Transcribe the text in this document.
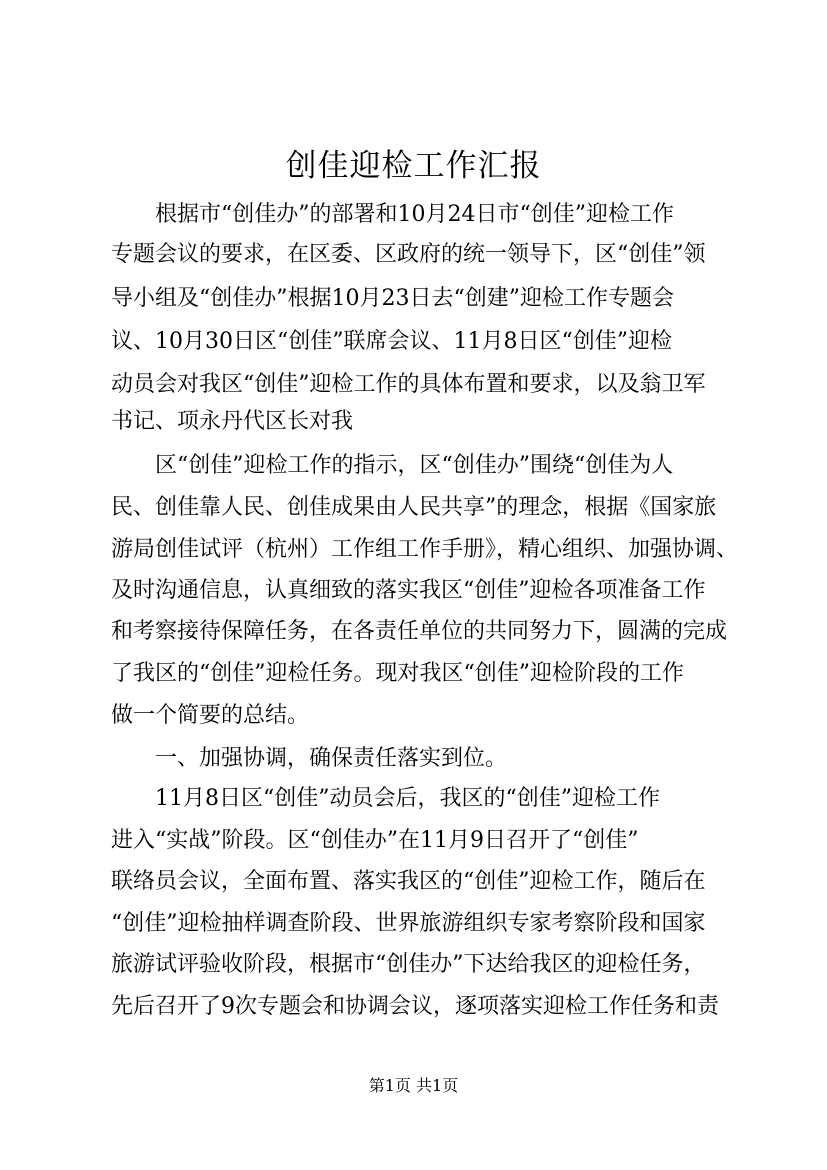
创佳迎检工作汇报
　　根据市“创佳办”的部署和10月24日市“创佳”迎检工作
专题会议的要求，在区委、区政府的统一领导下，区“创佳”领
导小组及“创佳办”根据10月23日去“创建”迎检工作专题会
议、10月30日区“创佳”联席会议、11月8日区“创佳”迎检
动员会对我区“创佳”迎检工作的具体布置和要求，以及翁卫军
书记、项永丹代区长对我
　　区“创佳”迎检工作的指示，区“创佳办”围绕“创佳为人
民、创佳靠人民、创佳成果由人民共享”的理念，根据《国家旅
游局创佳试评（杭州）工作组工作手册》，精心组织、加强协调、
及时沟通信息，认真细致的落实我区“创佳”迎检各项准备工作
和考察接待保障任务，在各责任单位的共同努力下，圆满的完成
了我区的“创佳”迎检任务。现对我区“创佳”迎检阶段的工作
做一个简要的总结。
　　一、加强协调，确保责任落实到位。
　　11月8日区“创佳”动员会后，我区的“创佳”迎检工作
进入“实战”阶段。区“创佳办”在11月9日召开了“创佳”
联络员会议，全面布置、落实我区的“创佳”迎检工作，随后在
“创佳”迎检抽样调查阶段、世界旅游组织专家考察阶段和国家
旅游试评验收阶段，根据市“创佳办”下达给我区的迎检任务，
先后召开了9次专题会和协调会议，逐项落实迎检工作任务和责
第1页 共1页
